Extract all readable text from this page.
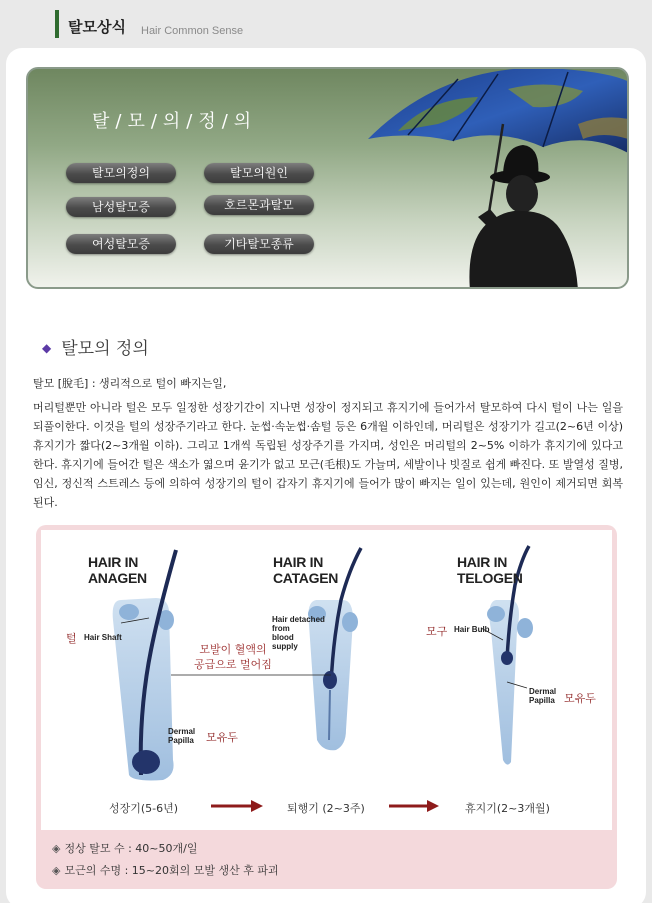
탈모상식 Hair Common Sense
탈/모/의/정/의
탈모의정의	탈모의원인
남성탈모증	호르몬과탈모
여성탈모증	기타탈모종류
◆ 탈모의 정의
탈모 [脫毛] : 생리적으로 털이 빠지는일,
머리털뿐만 아니라 털은 모두 일정한 성장기간이 지나면 성장이 정지되고 휴지기에 들어가서 탈모하여 다시 털이 나는 일을 되풀이한다. 이것을 털의 성장주기라고 한다. 눈썹·속눈썹·솜털 등은 6개월 이하인데, 머리털은 성장기가 길고(2~6년 이상) 휴지기가 짧다(2~3개월 이하). 그리고 1개씩 독립된 성장주기를 가지며, 성인은 머리털의 2~5% 이하가 휴지기에 있다고 한다. 휴지기에 들어간 털은 색소가 엷으며 윤기가 없고 모근(毛根)도 가늘며, 세발이나 빗질로 쉽게 빠진다. 또 발열성 질병, 임신, 정신적 스트레스 등에 의하여 성장기의 털이 갑자기 휴지기에 들어가 많이 빠지는 일이 있는데, 원인이 제거되면 회복된다.
HAIR IN
ANAGEN
HAIR IN
CATAGEN
HAIR IN
TELOGEN
털 Hair Shaft
Dermal
Papilla 모유두
Hair detached
from
blood
supply
모발이 혈액의
공급으로 멀어짐
모구 Hair Bulb
Dermal
Papilla 모유두
성장기(5-6년)	퇴행기 (2~3주)	휴지기(2~3개월)
◈ 정상 탈모 수 : 40~50개/일
◈ 모근의 수명 : 15~20회의 모발 생산 후 파괴
